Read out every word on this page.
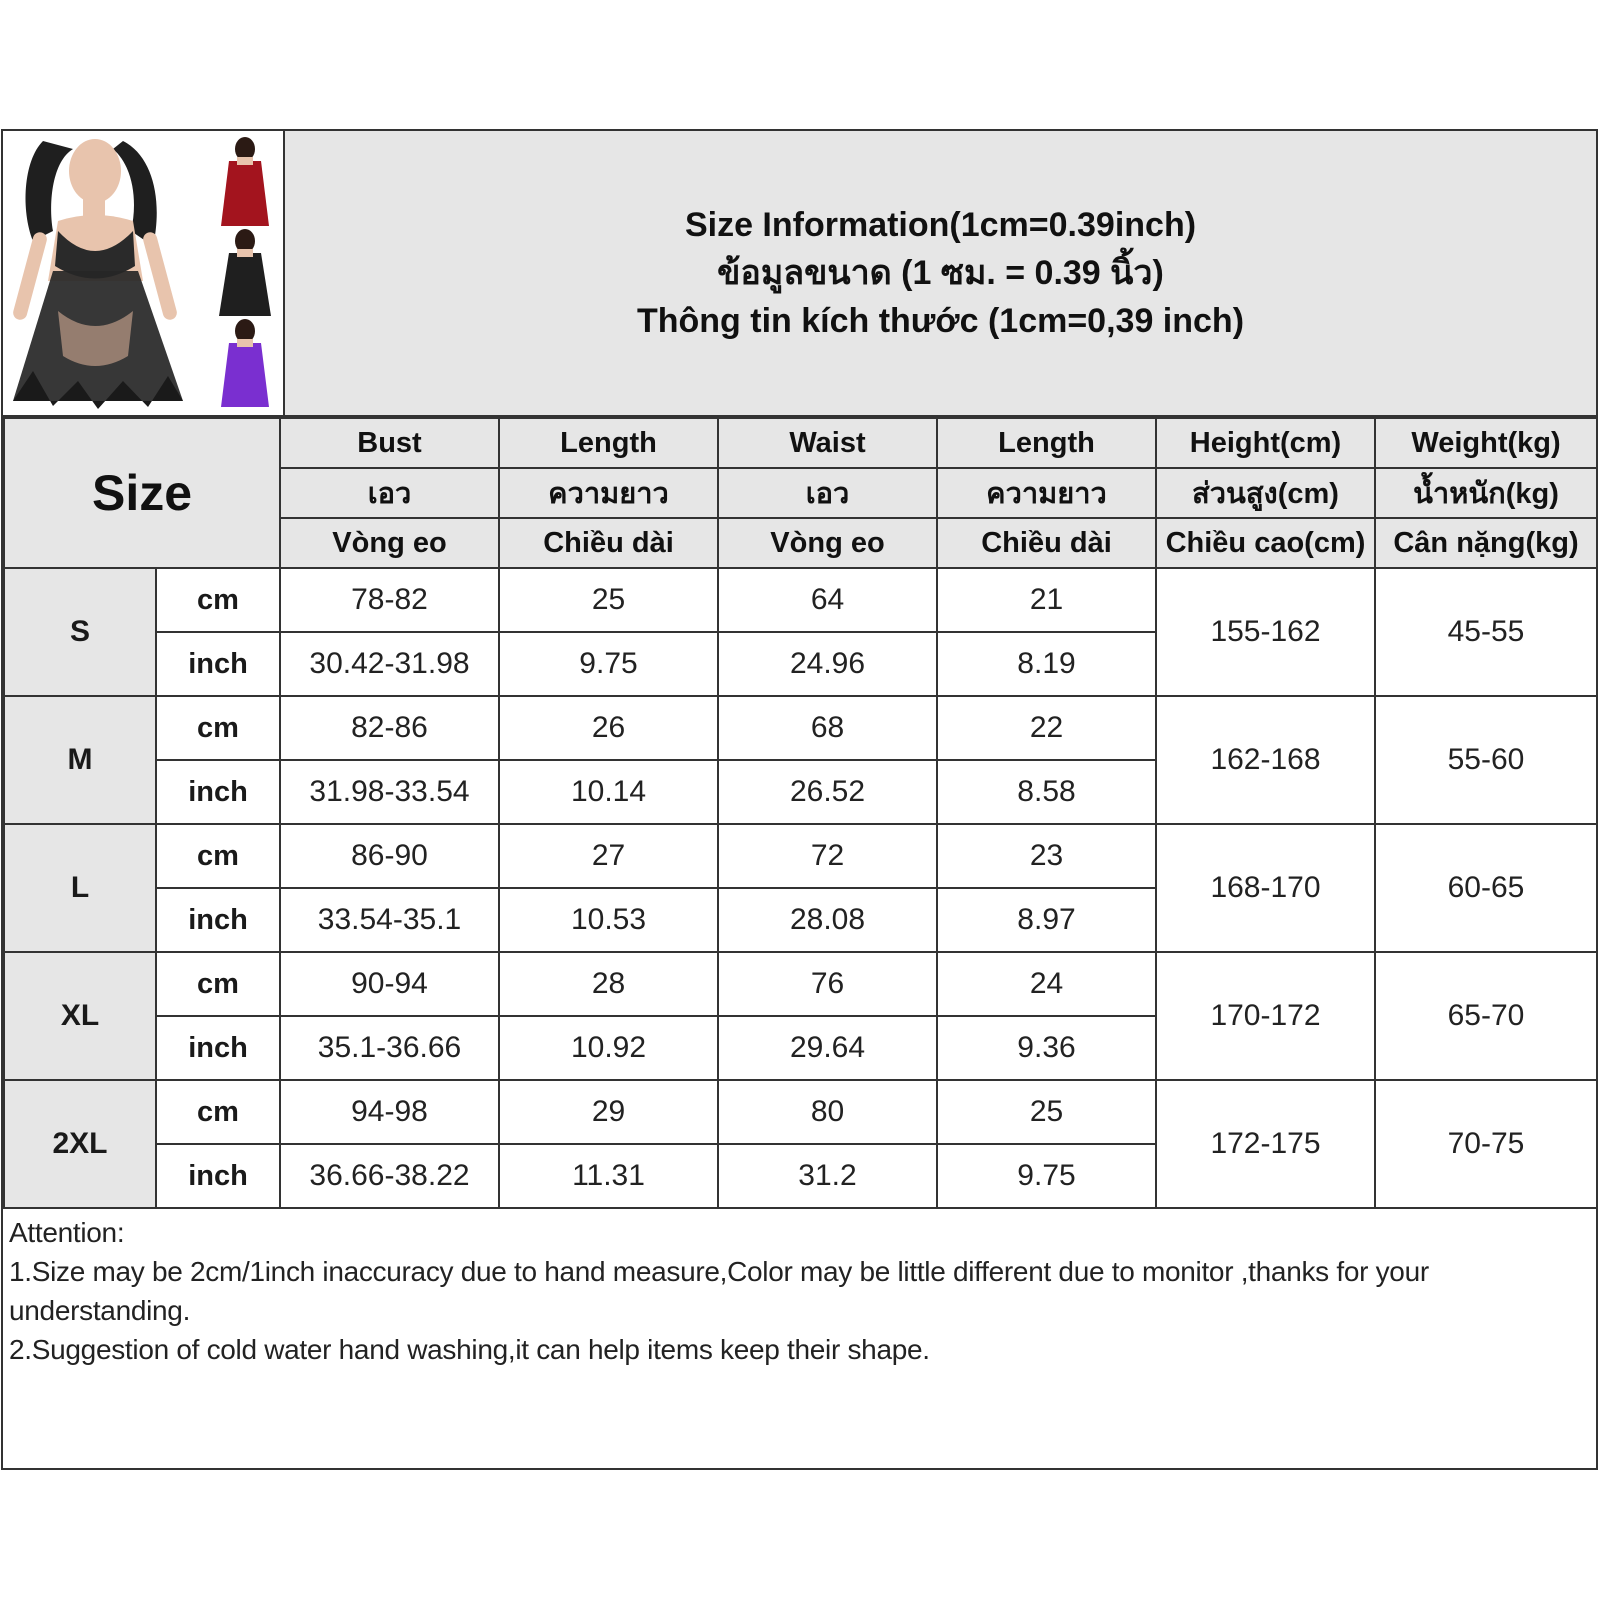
Size Information(1cm=0.39inch)
ข้อมูลขนาด (1 ซม. = 0.39 นิ้ว)
Thông tin kích thước (1cm=0,39 inch)
Size		Bust	Length	Waist	Length	Height(cm)	Weight(kg)
		เอว	ความยาว	เอว	ความยาว	ส่วนสูง(cm)	น้ำหนัก(kg)
		Vòng eo	Chiều dài	Vòng eo	Chiều dài	Chiều cao(cm)	Cân nặng(kg)
S	cm	78-82	25	64	21	155-162	45-55
	inch	30.42-31.98	9.75	24.96	8.19		
M	cm	82-86	26	68	22	162-168	55-60
	inch	31.98-33.54	10.14	26.52	8.58		
L	cm	86-90	27	72	23	168-170	60-65
	inch	33.54-35.1	10.53	28.08	8.97		
XL	cm	90-94	28	76	24	170-172	65-70
	inch	35.1-36.66	10.92	29.64	9.36		
2XL	cm	94-98	29	80	25	172-175	70-75
	inch	36.66-38.22	11.31	31.2	9.75		
Attention:
1.Size may be 2cm/1inch inaccuracy due to hand measure,Color may be little different due to monitor ,thanks for your
understanding.
2.Suggestion of cold water hand washing,it can help items keep their shape.
